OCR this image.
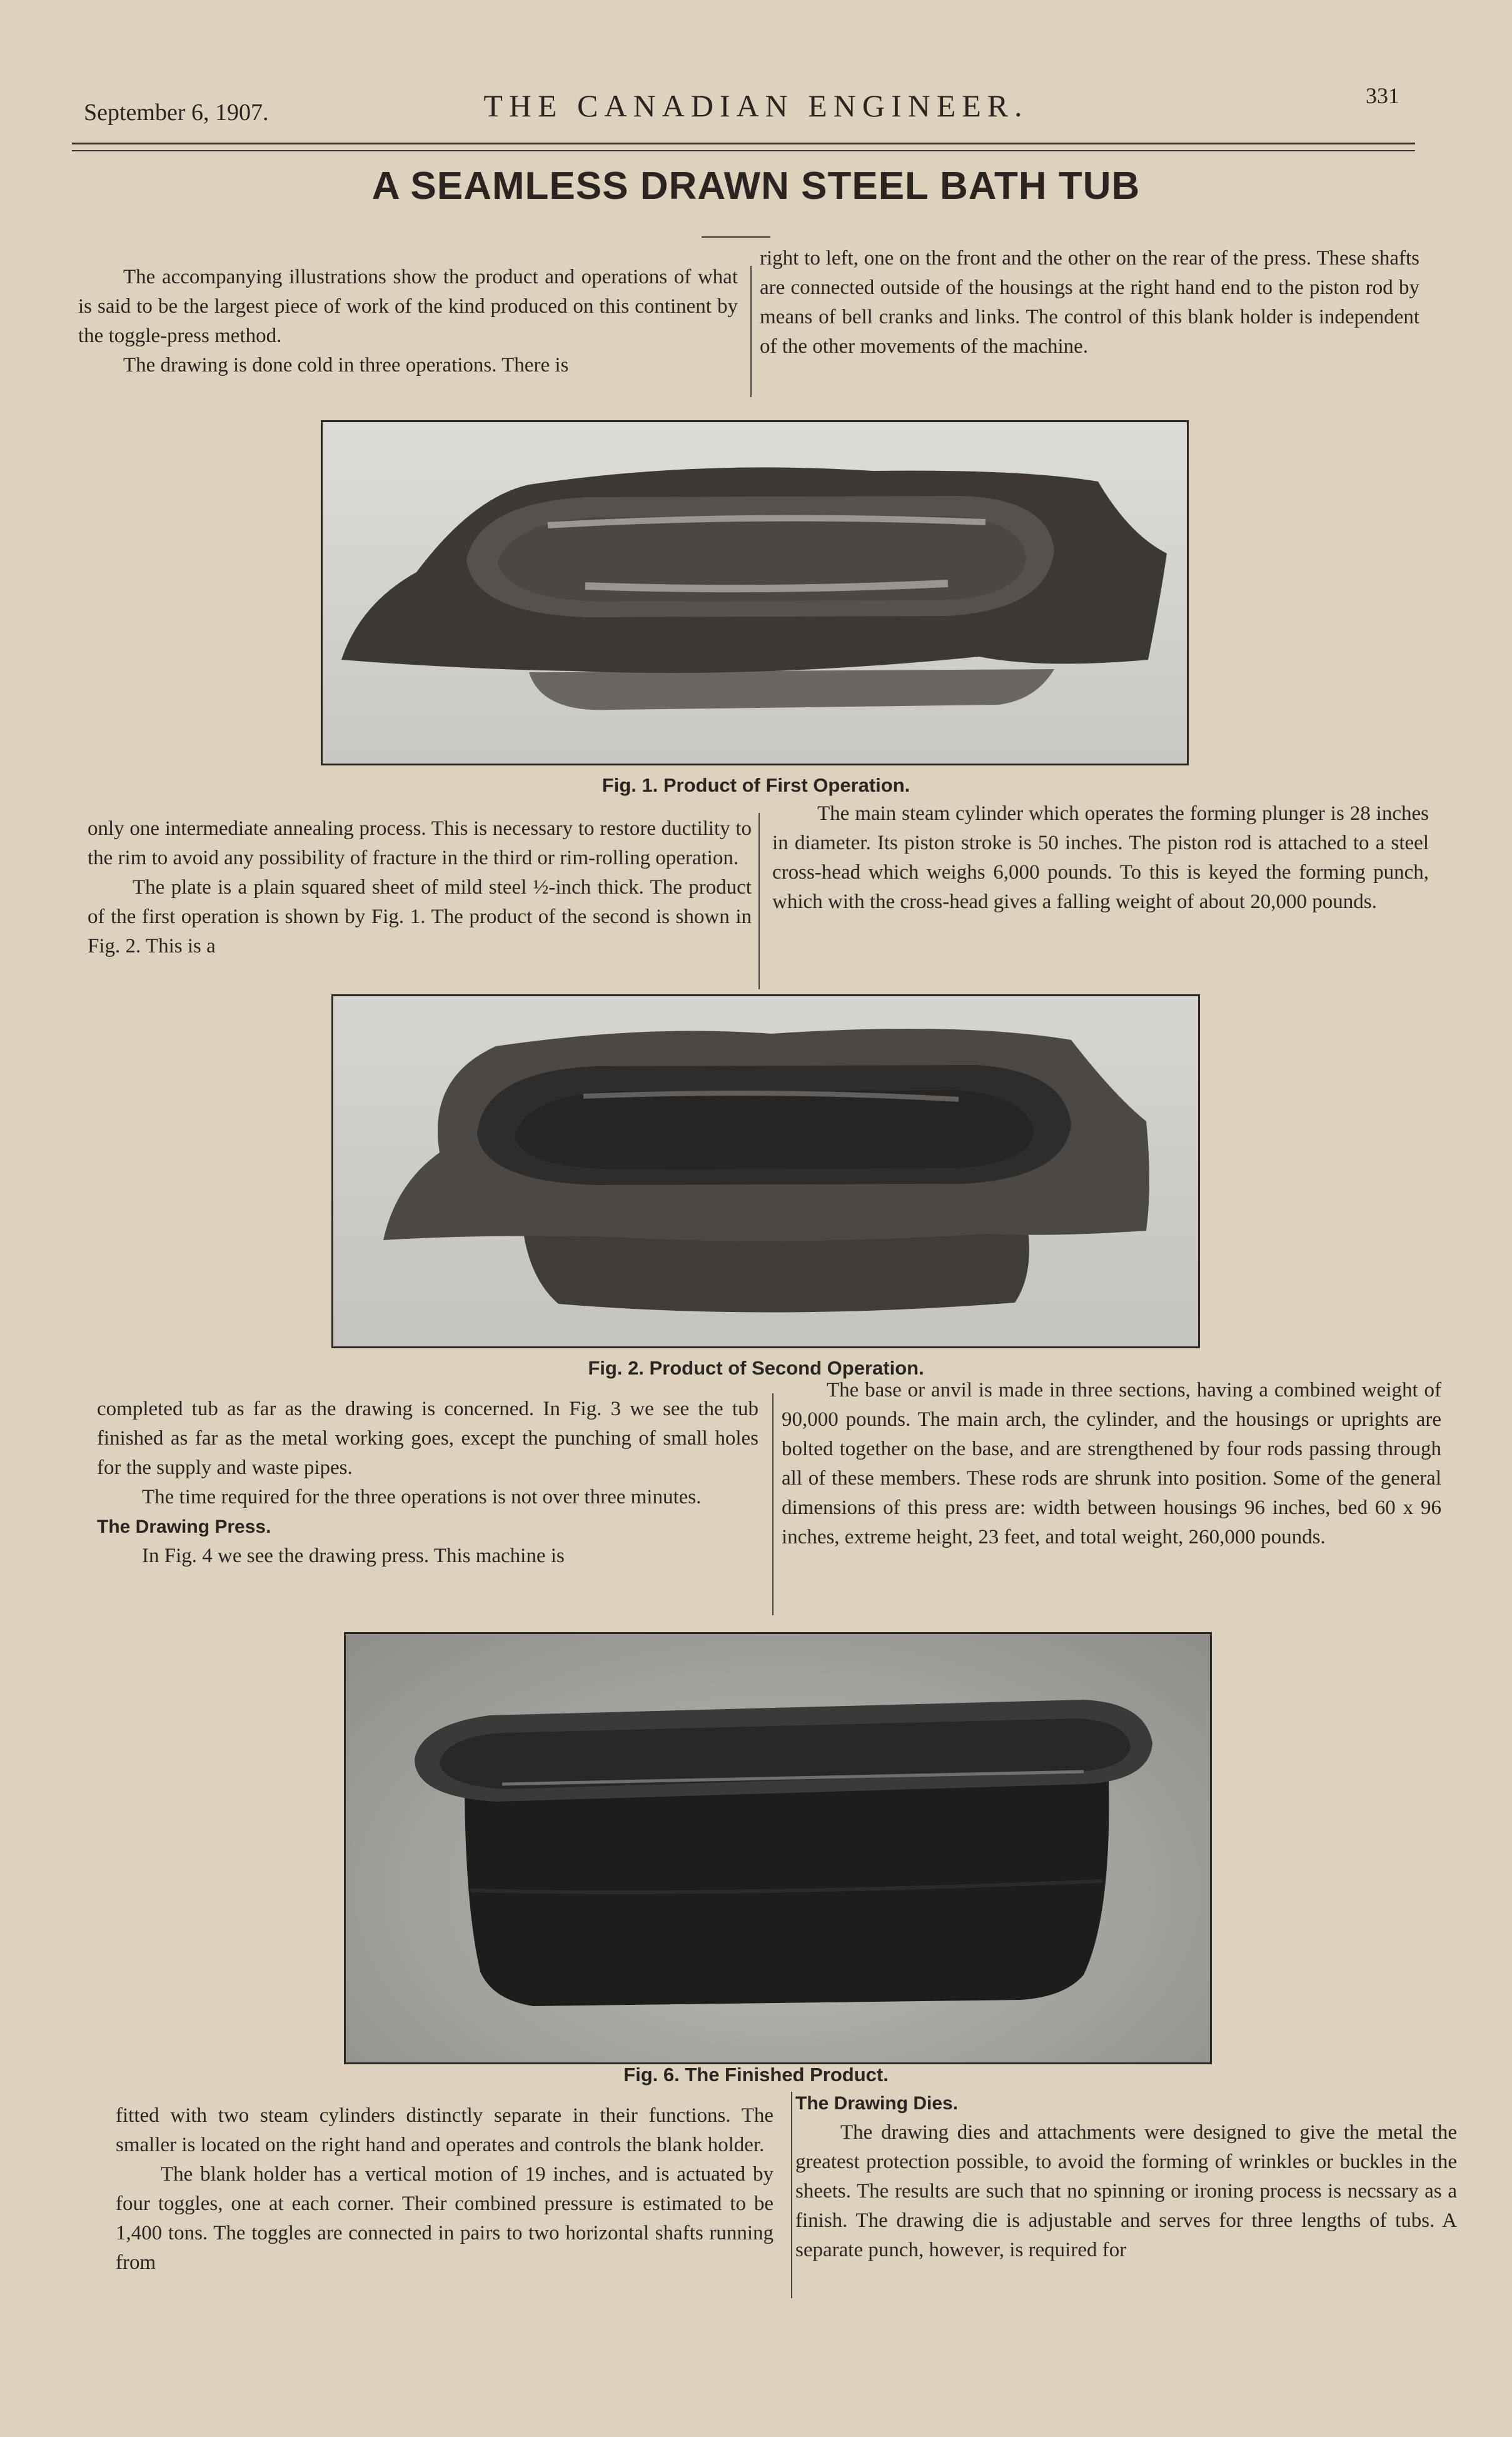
September 6, 1907.	THE CANADIAN ENGINEER.	331
A SEAMLESS DRAWN STEEL BATH TUB

The accompanying illustrations show the product and operations of what is said to be the largest piece of work of the kind produced on this continent by the toggle-press method.

The drawing is done cold in three operations. There is

right to left, one on the front and the other on the rear of the press. These shafts are connected outside of the housings at the right hand end to the piston rod by means of bell cranks and links. The control of this blank holder is independent of the other movements of the machine.

Fig. 1. Product of First Operation.

only one intermediate annealing process. This is necessary to restore ductility to the rim to avoid any possibility of fracture in the third or rim-rolling operation.

The plate is a plain squared sheet of mild steel ½-inch thick. The product of the first operation is shown by Fig. 1. The product of the second is shown in Fig. 2. This is a

The main steam cylinder which operates the forming plunger is 28 inches in diameter. Its piston stroke is 50 inches. The piston rod is attached to a steel cross-head which weighs 6,000 pounds. To this is keyed the forming punch, which with the cross-head gives a falling weight of about 20,000 pounds.

Fig. 2. Product of Second Operation.

completed tub as far as the drawing is concerned. In Fig. 3 we see the tub finished as far as the metal working goes, except the punching of small holes for the supply and waste pipes.

The time required for the three operations is not over three minutes.

The Drawing Press.

In Fig. 4 we see the drawing press. This machine is

The base or anvil is made in three sections, having a combined weight of 90,000 pounds. The main arch, the cylinder, and the housings or uprights are bolted together on the base, and are strengthened by four rods passing through all of these members. These rods are shrunk into position. Some of the general dimensions of this press are: width between housings 96 inches, bed 60 x 96 inches, extreme height, 23 feet, and total weight, 260,000 pounds.

Fig. 6. The Finished Product.

fitted with two steam cylinders distinctly separate in their functions. The smaller is located on the right hand and operates and controls the blank holder.

The blank holder has a vertical motion of 19 inches, and is actuated by four toggles, one at each corner. Their combined pressure is estimated to be 1,400 tons. The toggles are connected in pairs to two horizontal shafts running from

The Drawing Dies.

The drawing dies and attachments were designed to give the metal the greatest protection possible, to avoid the forming of wrinkles or buckles in the sheets. The results are such that no spinning or ironing process is necssary as a finish. The drawing die is adjustable and serves for three lengths of tubs. A separate punch, however, is required for
